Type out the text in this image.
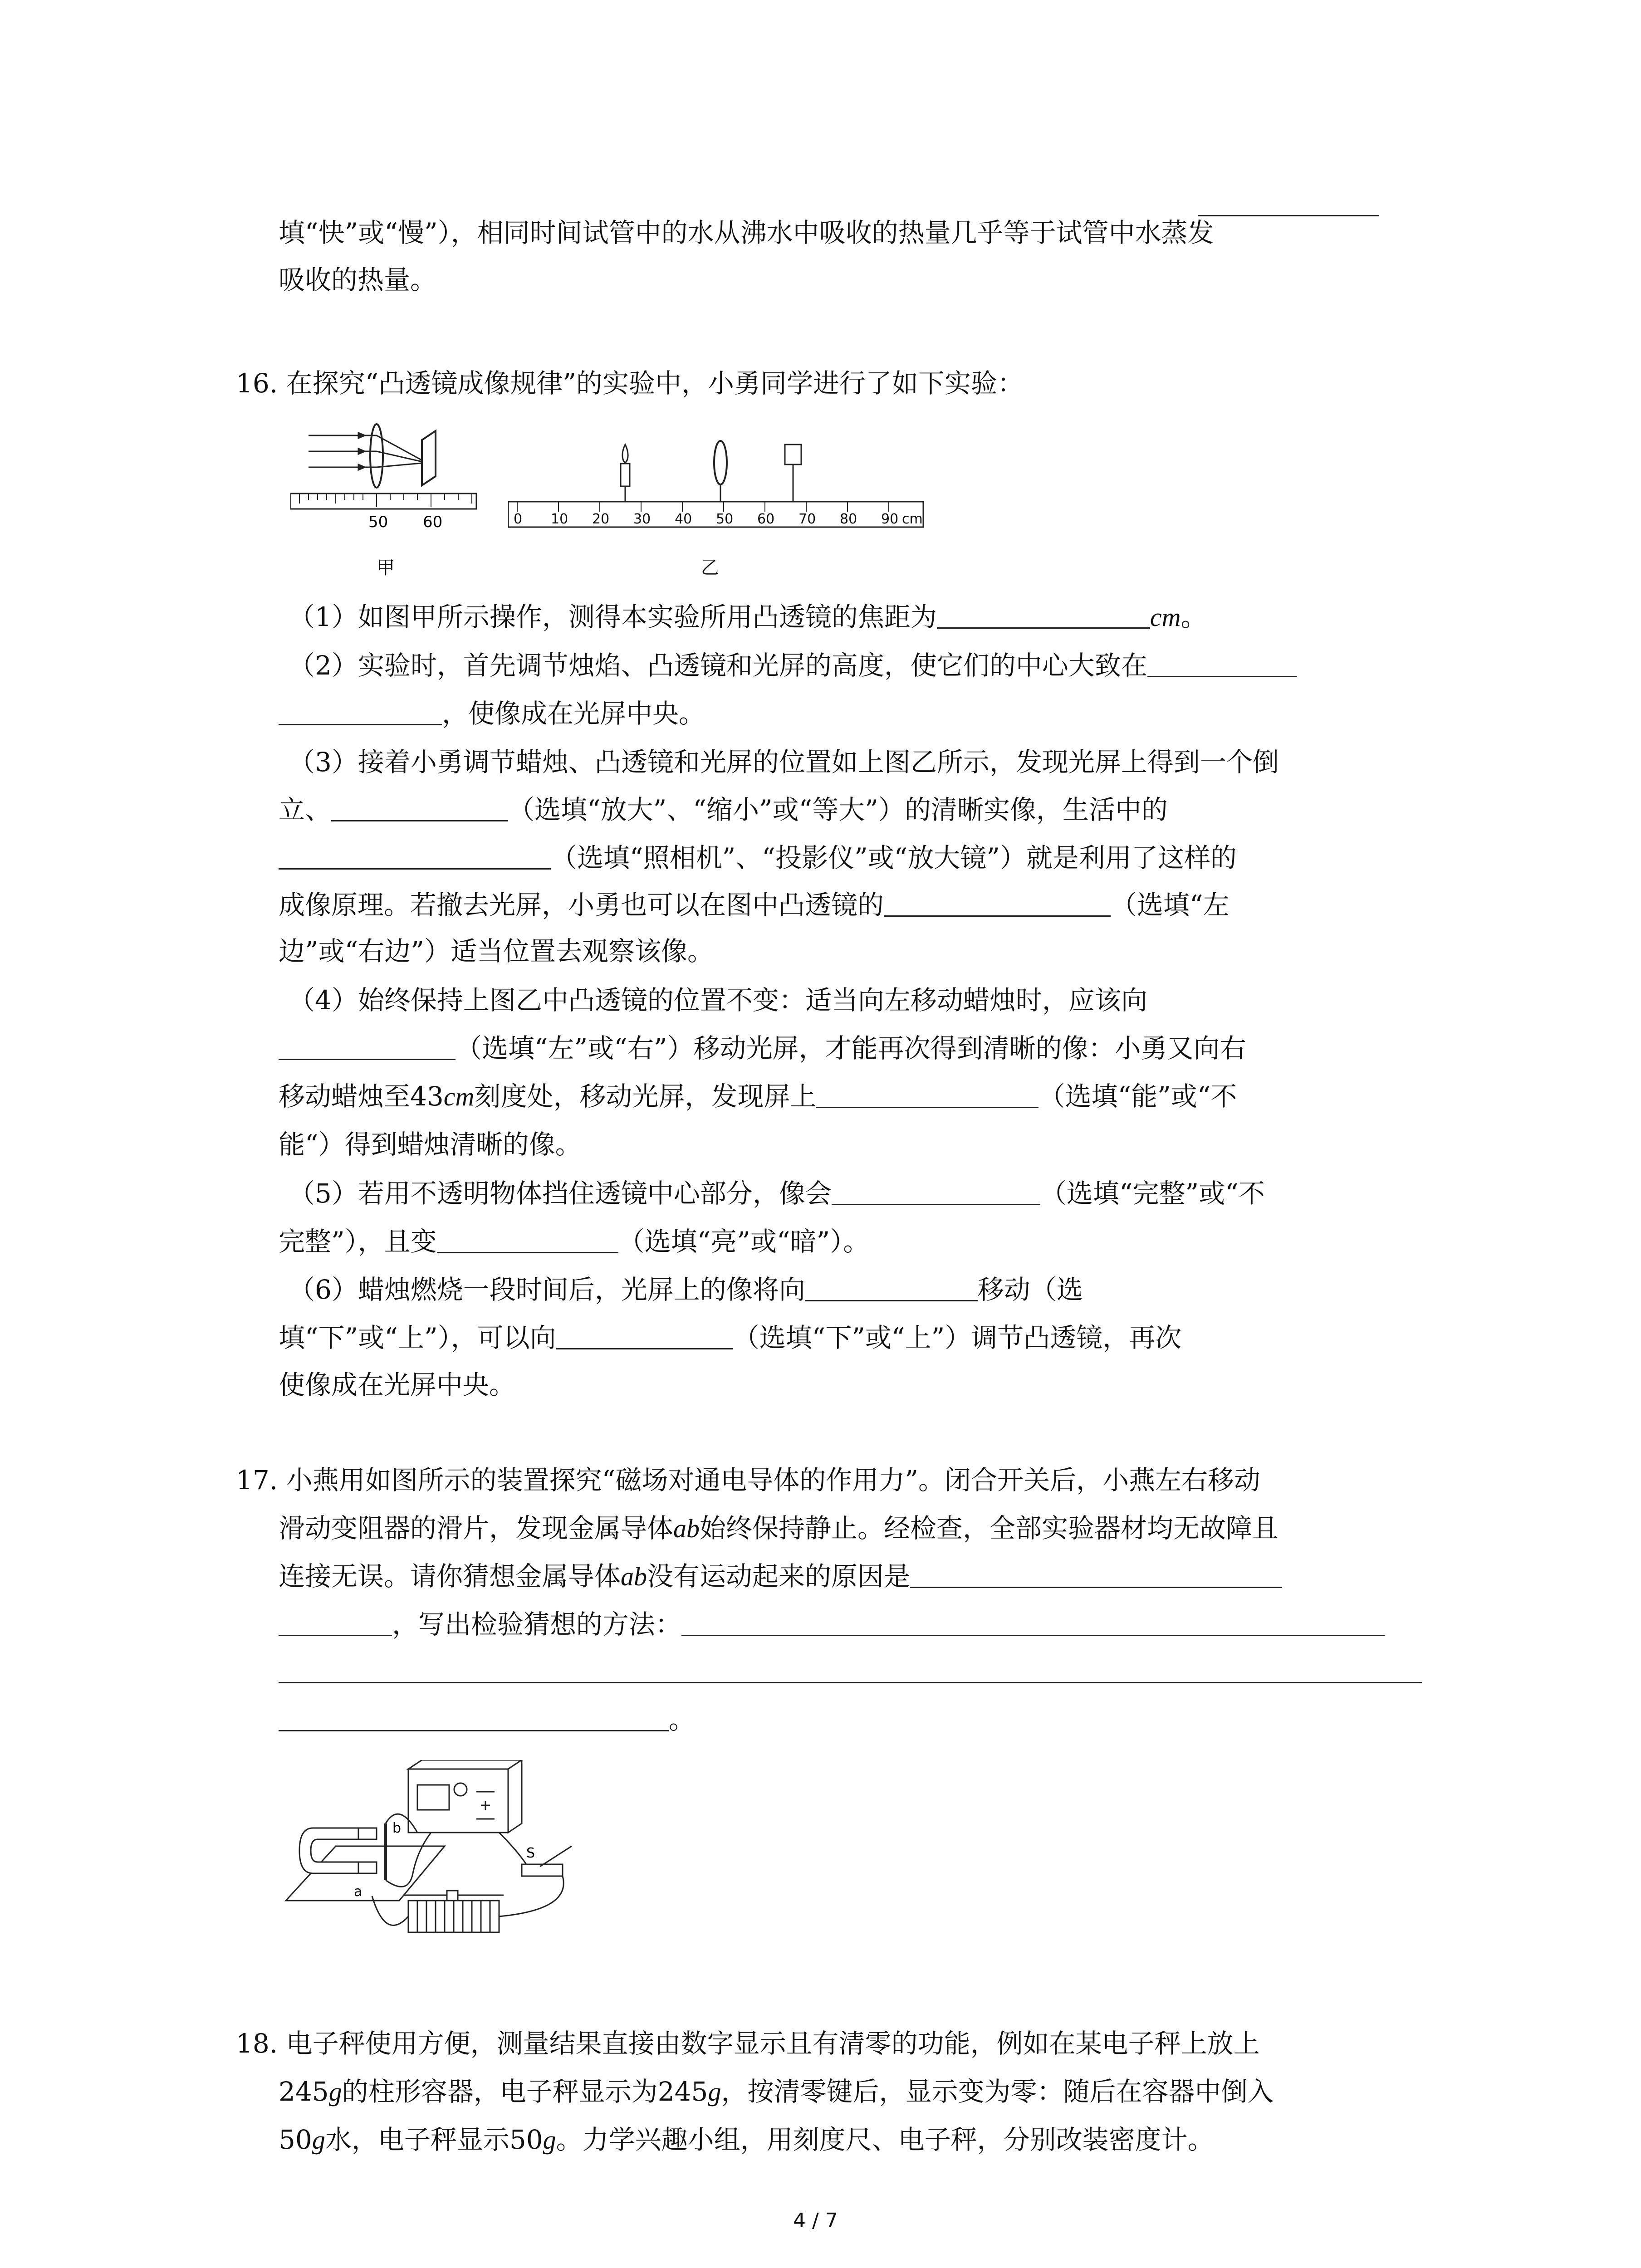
填“快”或“慢”），相同时间试管中的水从沸水中吸收的热量几乎等于试管中水蒸发
吸收的热量。
16. 在探究“凸透镜成像规律”的实验中，小勇同学进行了如下实验：
50 60
甲
0 10 20 30 40 50 60 70 80 90 cm
乙
（1）如图甲所示操作，测得本实验所用凸透镜的焦距为	cm。
（2）实验时，首先调节烛焰、凸透镜和光屏的高度，使它们的中心大致在
，使像成在光屏中央。
（3）接着小勇调节蜡烛、凸透镜和光屏的位置如上图乙所示，发现光屏上得到一个倒
立、	（选填“放大”、“缩小”或“等大”）的清晰实像，生活中的
（选填“照相机”、“投影仪”或“放大镜”）就是利用了这样的
成像原理。若撤去光屏，小勇也可以在图中凸透镜的	（选填“左
边”或“右边”）适当位置去观察该像。
（4）始终保持上图乙中凸透镜的位置不变：适当向左移动蜡烛时，应该向
（选填“左”或“右”）移动光屏，才能再次得到清晰的像：小勇又向右
移动蜡烛至43cm刻度处，移动光屏，发现屏上	（选填“能”或“不
能“）得到蜡烛清晰的像。
（5）若用不透明物体挡住透镜中心部分，像会	（选填“完整”或“不
完整”），且变	（选填“亮”或“暗”）。
（6）蜡烛燃烧一段时间后，光屏上的像将向	移动（选
填“下”或“上”），可以向	（选填“下”或“上”）调节凸透镜，再次
使像成在光屏中央。
17. 小燕用如图所示的装置探究“磁场对通电导体的作用力”。闭合开关后，小燕左右移动
滑动变阻器的滑片，发现金属导体ab始终保持静止。经检查，全部实验器材均无故障且
连接无误。请你猜想金属导体ab没有运动起来的原因是
，写出检验猜想的方法：
。
b
a
S
18. 电子秤使用方便，测量结果直接由数字显示且有清零的功能，例如在某电子秤上放上
245g的柱形容器，电子秤显示为245g，按清零键后，显示变为零：随后在容器中倒入
50g水，电子秤显示50g。力学兴趣小组，用刻度尺、电子秤，分别改装密度计。
4 / 7
